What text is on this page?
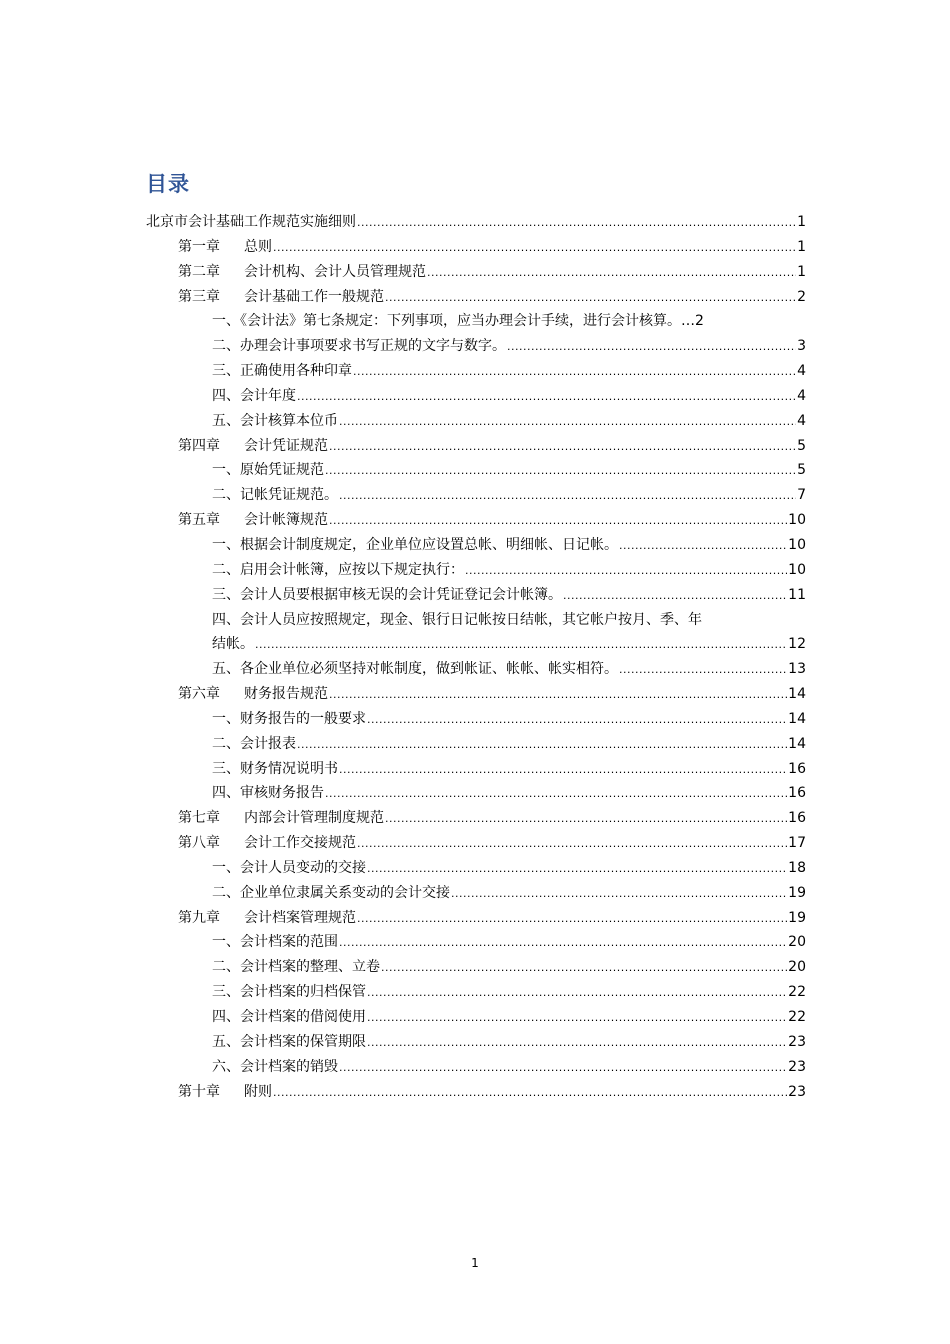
目录
北京市会计基础工作规范实施细则 .....	1
第一章 总则 .....	1
第二章 会计机构、会计人员管理规范 .....	1
第三章 会计基础工作一般规范 .....	2
一、《会计法》第七条规定：下列事项，应当办理会计手续，进行会计核算。… 2
二、办理会计事项要求书写正规的文字与数字。 .....	3
三、正确使用各种印章 .....	4
四、会计年度 .....	4
五、会计核算本位币 .....	4
第四章 会计凭证规范 .....	5
一、原始凭证规范 .....	5
二、记帐凭证规范。 .....	7
第五章 会计帐簿规范 .....	10
一、根据会计制度规定，企业单位应设置总帐、明细帐、日记帐。 .....	10
二、启用会计帐簿，应按以下规定执行： .....	10
三、会计人员要根据审核无误的会计凭证登记会计帐簿。 .....	11
四、会计人员应按照规定，现金、银行日记帐按日结帐，其它帐户按月、季、年
结帐。 .....	12
五、各企业单位必须坚持对帐制度，做到帐证、帐帐、帐实相符。 .....	13
第六章 财务报告规范 .....	14
一、财务报告的一般要求 .....	14
二、会计报表 .....	14
三、财务情况说明书 .....	16
四、审核财务报告 .....	16
第七章 内部会计管理制度规范 .....	16
第八章 会计工作交接规范 .....	17
一、会计人员变动的交接 .....	18
二、企业单位隶属关系变动的会计交接 .....	19
第九章 会计档案管理规范 .....	19
一、会计档案的范围 .....	20
二、会计档案的整理、立卷 .....	20
三、会计档案的归档保管 .....	22
四、会计档案的借阅使用 .....	22
五、会计档案的保管期限 .....	23
六、会计档案的销毁 .....	23
第十章 附则 .....	23
1
